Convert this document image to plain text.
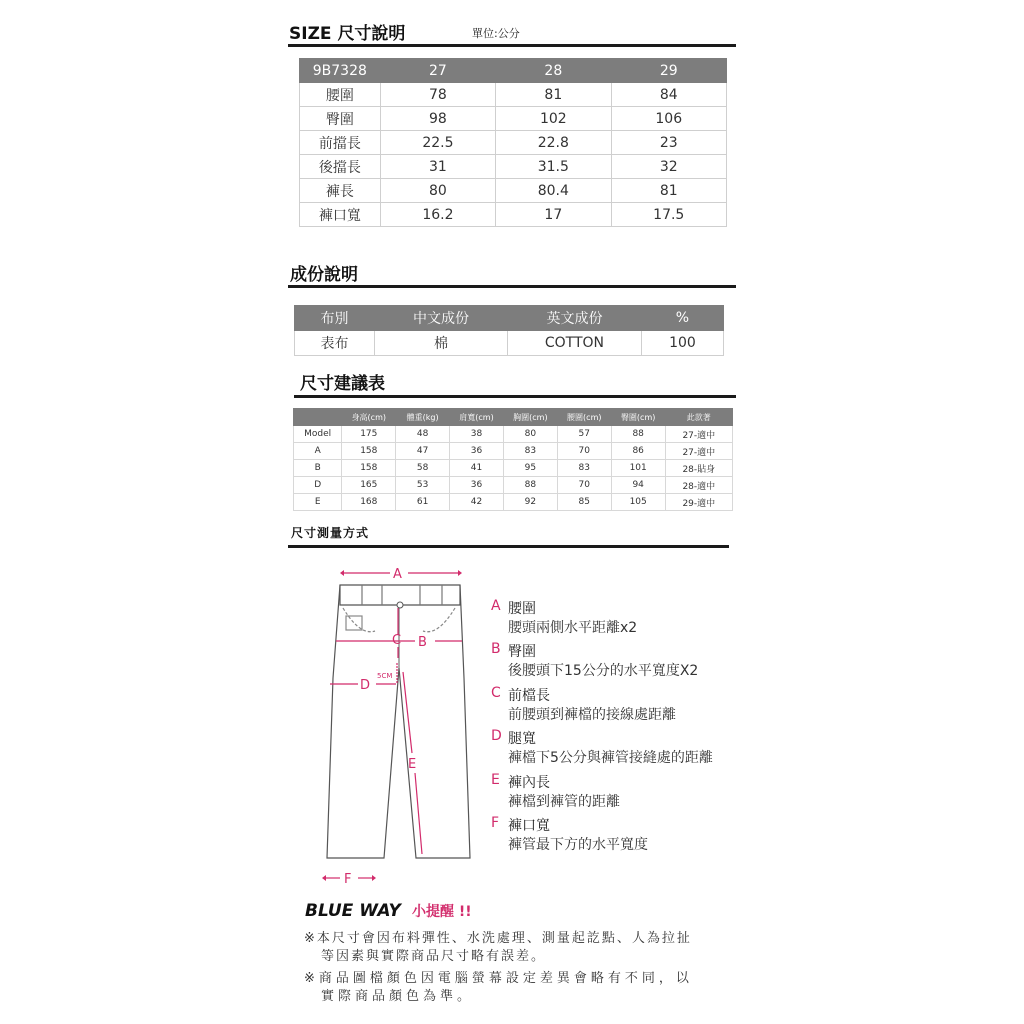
SIZE 尺寸說明	單位:公分
9B7328	27	28	29
腰圍	78	81	84
臀圍	98	102	106
前擋長	22.5	22.8	23
後擋長	31	31.5	32
褲長	80	80.4	81
褲口寬	16.2	17	17.5
成份說明
布別	中文成份	英文成份	%
表布	棉	COTTON	100
尺寸建議表
	身高(cm)	體重(kg)	肩寬(cm)	胸圍(cm)	腰圍(cm)	臀圍(cm)	此款著
Model	175	48	38	80	57	88	27-適中
A	158	47	36	83	70	86	27-適中
B	158	58	41	95	83	101	28-貼身
D	165	53	36	88	70	94	28-適中
E	168	61	42	92	85	105	29-適中
尺寸測量方式
A
B
C
D
E
F
5CM
A 腰圍
腰頭兩側水平距離x2
B 臀圍
後腰頭下15公分的水平寬度X2
C 前檔長
前腰頭到褲檔的接線處距離
D 腿寬
褲檔下5公分與褲管接縫處的距離
E 褲內長
褲檔到褲管的距離
F 褲口寬
褲管最下方的水平寬度
BLUE WAY 小提醒 !!
※本尺寸會因布料彈性、水洗處理、測量起訖點、人為拉扯
等因素與實際商品尺寸略有誤差。
※商品圖檔顏色因電腦螢幕設定差異會略有不同，以
實際商品顏色為準。
